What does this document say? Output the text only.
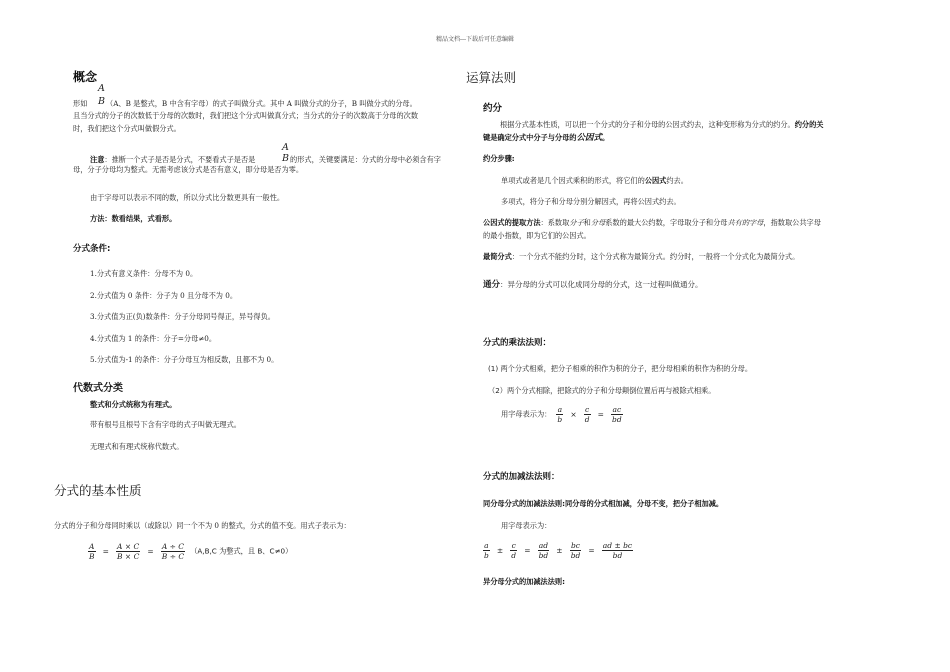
精品文档---下载后可任意编辑
概念
A
形如 B （A、B 是整式，B 中含有字母）的式子叫做分式。其中 A 叫做分式的分子，B 叫做分式的分母。
且当分式的分子的次数低于分母的次数时，我们把这个分式叫做真分式；当分式的分子的次数高于分母的次数
时，我们把这个分式叫做假分式。
A
注意：推断一个式子是否是分式，不要看式子是否是	B 的形式，关键要满足：分式的分母中必须含有字
母，分子分母均为整式。无需考虑该分式是否有意义，即分母是否为零。
由于字母可以表示不同的数，所以分式比分数更具有一般性。
方法：数看结果，式看形。
分式条件:
1.分式有意义条件：分母不为 0。
2.分式值为 0 条件：分子为 0 且分母不为 0。
3.分式值为正(负)数条件：分子分母同号得正，异号得负。
4.分式值为 1 的条件：分子=分母≠0。
5.分式值为-1 的条件：分子分母互为相反数，且都不为 0。
代数式分类
整式和分式统称为有理式。
带有根号且根号下含有字母的式子叫做无理式。
无理式和有理式统称代数式。
分式的基本性质
分式的分子和分母同时乘以（或除以）同一个不为 0 的整式，分式的值不变。用式子表示为：
$\frac{A}{B} = \frac{A \times C}{B \times C} = \frac{A \div C}{B \div C} (A,B,C$ 为整式，且 B、C≠0）
运算法则
约分
根据分式基本性质，可以把一个分式的分子和分母的公因式约去，这种变形称为分式的约分。约分的关
键是确定分式中分子与分母的公因式。
约分步骤:
单项式或者是几个因式乘积的形式，将它们的公因式约去。
多项式，将分子和分母分别分解因式，再将公因式约去。
公因式的提取方法：系数取分子和分母系数的最大公约数，字母取分子和分母共有的字母，指数取公共字母
的最小指数，即为它们的公因式。
最简分式：一个分式不能约分时，这个分式称为最简分式。约分时，一般将一个分式化为最简分式。
通分：异分母的分式可以化成同分母的分式，这一过程叫做通分。
分式的乘法法则：
(1) 两个分式相乘，把分子相乘的积作为积的分子，把分母相乘的积作为积的分母。
（2）两个分式相除，把除式的分子和分母颠倒位置后再与被除式相乘。
用字母表示为： $\frac{a}{b} \times \frac{c}{d} = \frac{ac}{bd}$
分式的加减法法则：
同分母分式的加减法法则:同分母的分式相加减，分母不变，把分子相加减。
用字母表示为：
$\frac{a}{b} \pm \frac{c}{d} = \frac{ad}{bd} \pm \frac{bc}{bd} = \frac{ad \pm bc}{bd}$
异分母分式的加减法法则:
